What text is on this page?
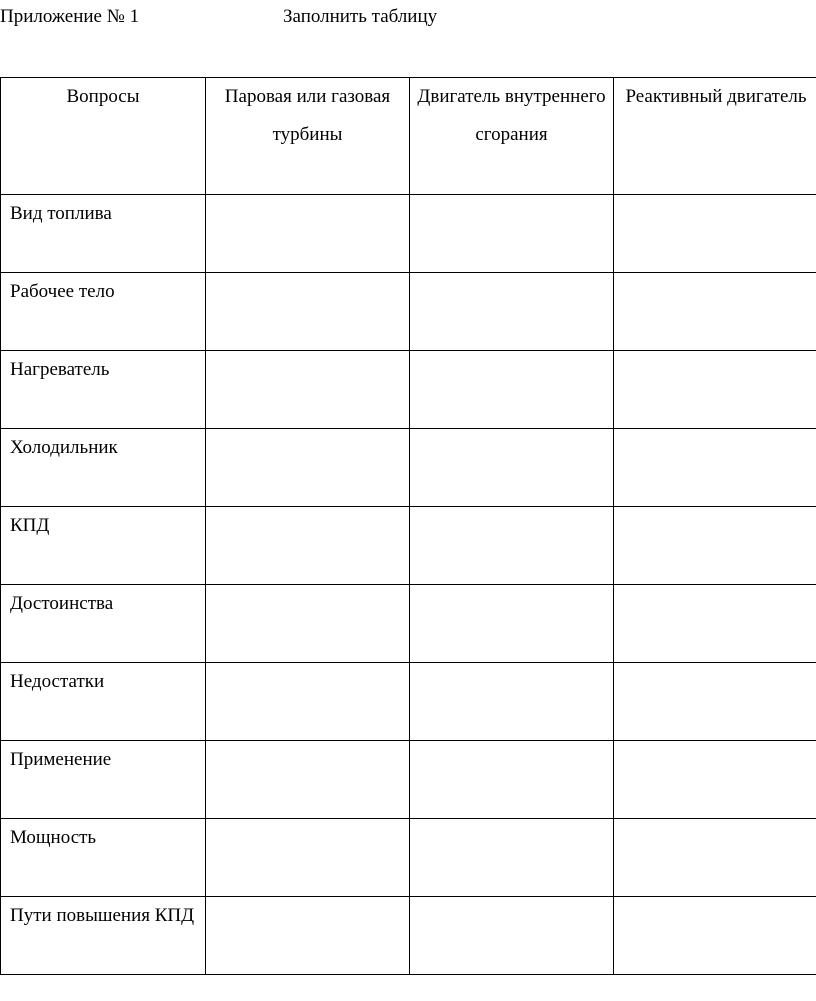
Приложение № 1	Заполнить таблицу
Вопросы	Паровая или газовая турбины	Двигатель внутреннего сгорания	Реактивный двигатель

Вид топлива			

Рабочее тело			

Нагреватель			

Холодильник			

КПД			

Достоинства			

Недостатки			

Применение			

Мощность			

Пути повышения КПД			
